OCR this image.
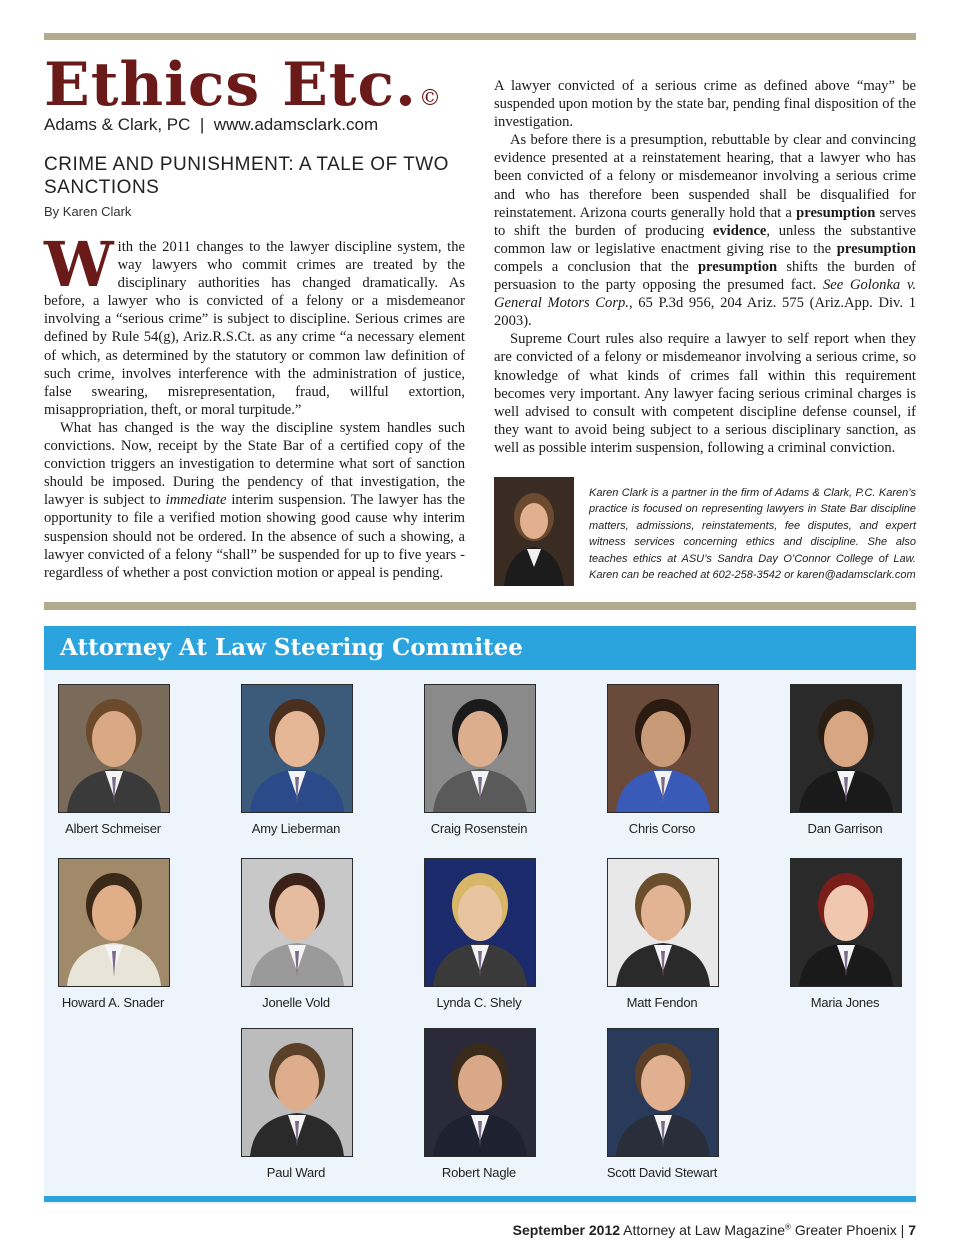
Ethics Etc.©
Adams & Clark, PC  |  www.adamsclark.com
CRIME AND PUNISHMENT: A TALE OF TWO SANCTIONS
By Karen Clark

With the 2011 changes to the lawyer discipline system, the way lawyers who commit crimes are treated by the disciplinary authorities has changed dramatically. As before, a lawyer who is convicted of a felony or a misdemeanor involving a “serious crime” is subject to discipline. Serious crimes are defined by Rule 54(g), Ariz.R.S.Ct. as any crime “a necessary element of which, as determined by the statutory or common law definition of such crime, involves interference with the administration of justice, false swearing, misrepresentation, fraud, willful extortion, misappropriation, theft, or moral turpitude.”

What has changed is the way the discipline system handles such convictions. Now, receipt by the State Bar of a certified copy of the conviction triggers an investigation to determine what sort of sanction should be imposed. During the pendency of that investigation, the lawyer is subject to immediate interim suspension. The lawyer has the opportunity to file a verified motion showing good cause why interim suspension should not be ordered. In the absence of such a showing, a lawyer convicted of a felony “shall” be suspended for up to five years - regardless of whether a post conviction motion or appeal is pending.

A lawyer convicted of a serious crime as defined above “may” be suspended upon motion by the state bar, pending final disposition of the investigation.

As before there is a presumption, rebuttable by clear and convincing evidence presented at a reinstatement hearing, that a lawyer who has been convicted of a felony or misdemeanor involving a serious crime and who has therefore been suspended shall be disqualified for reinstatement. Arizona courts generally hold that a presumption serves to shift the burden of producing evidence, unless the substantive common law or legislative enactment giving rise to the presumption compels a conclusion that the presumption shifts the burden of persuasion to the party opposing the presumed fact. See Golonka v. General Motors Corp., 65 P.3d 956, 204 Ariz. 575 (Ariz.App. Div. 1 2003).

Supreme Court rules also require a lawyer to self report when they are convicted of a felony or misdemeanor involving a serious crime, so knowledge of what kinds of crimes fall within this requirement becomes very important. Any lawyer facing serious criminal charges is well advised to consult with competent discipline defense counsel, if they want to avoid being subject to a serious disciplinary sanction, as well as possible interim suspension, following a criminal conviction.

Karen Clark is a partner in the firm of Adams & Clark, P.C. Karen’s practice is focused on representing lawyers in State Bar discipline matters, admissions, reinstatements, fee disputes, and expert witness services concerning ethics and discipline. She also teaches ethics at ASU’s Sandra Day O’Connor College of Law. Karen can be reached at 602-258-3542 or karen@adamsclark.com
Attorney At Law Steering Commitee
Albert Schmeiser	Amy Lieberman	Craig Rosenstein	Chris Corso	Dan Garrison
Howard A. Snader	Jonelle Vold	Lynda C. Shely	Matt Fendon	Maria Jones
Paul Ward	Robert Nagle	Scott David Stewart
September 2012 Attorney at Law Magazine® Greater Phoenix | 7
